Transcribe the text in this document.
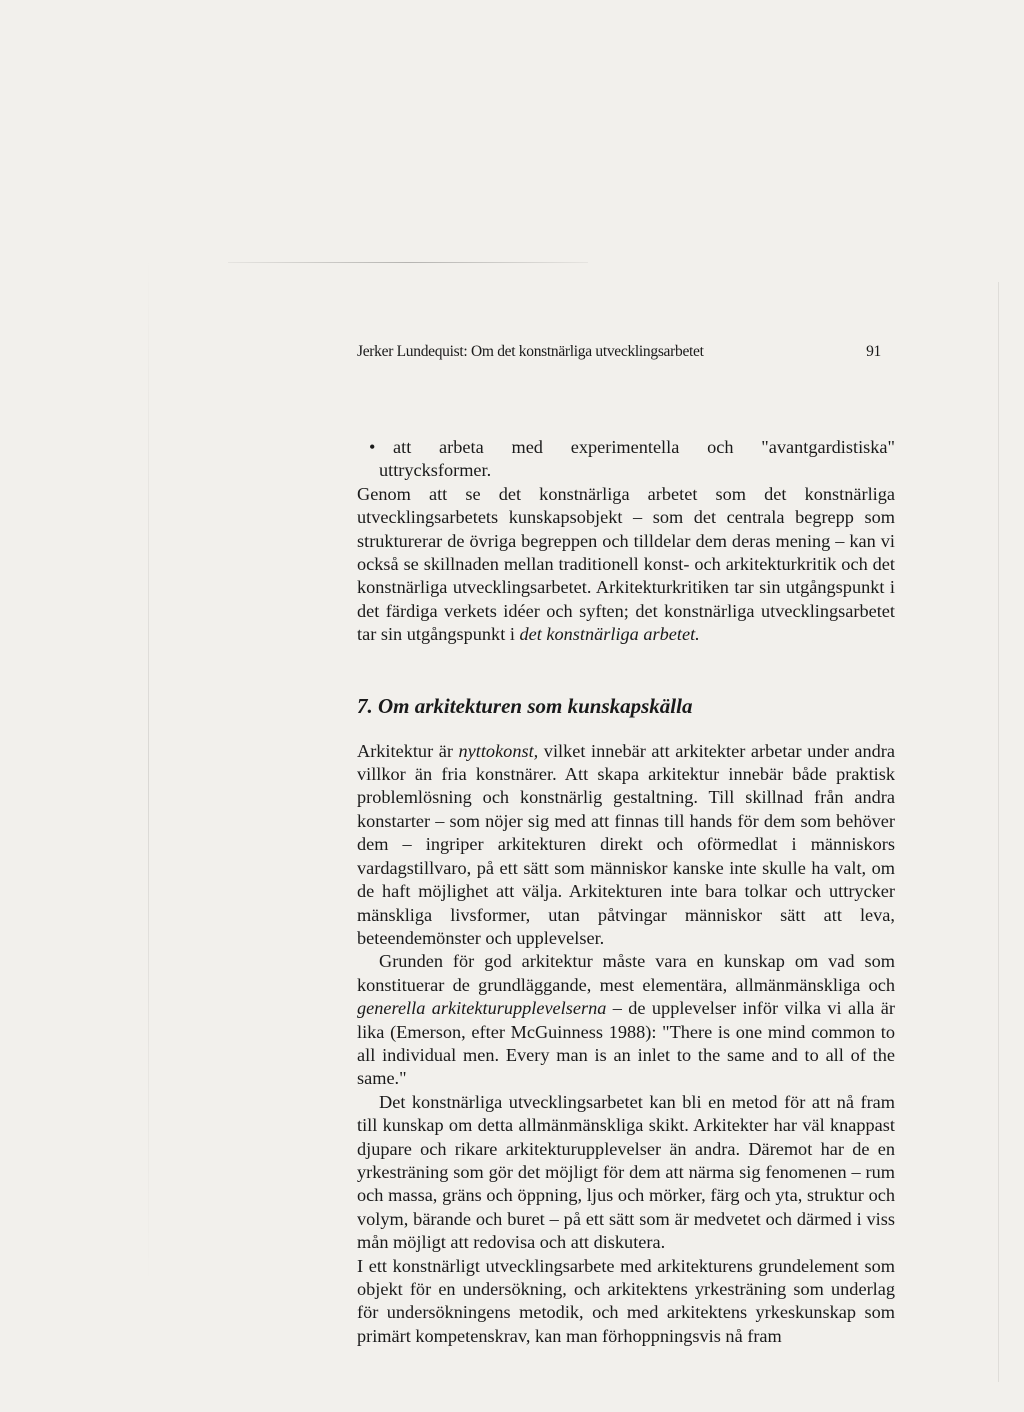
Jerker Lundequist: Om det konstnärliga utvecklingsarbetet	91
• att arbeta med experimentella och "avantgardistiska" uttrycksformer.

Genom att se det konstnärliga arbetet som det konstnärliga utvecklingsarbetets kunskapsobjekt – som det centrala begrepp som strukturerar de övriga begreppen och tilldelar dem deras mening – kan vi också se skillnaden mellan traditionell konst- och arkitekturkritik och det konstnärliga utvecklingsarbetet. Arkitekturkritiken tar sin utgångspunkt i det färdiga verkets idéer och syften; det konstnärliga utvecklingsarbetet tar sin utgångspunkt i det konstnärliga arbetet.

7. Om arkitekturen som kunskapskälla

Arkitektur är nyttokonst, vilket innebär att arkitekter arbetar under andra villkor än fria konstnärer. Att skapa arkitektur innebär både praktisk problemlösning och konstnärlig gestaltning. Till skillnad från andra konstarter – som nöjer sig med att finnas till hands för dem som behöver dem – ingriper arkitekturen direkt och oförmedlat i människors vardagstillvaro, på ett sätt som människor kanske inte skulle ha valt, om de haft möjlighet att välja. Arkitekturen inte bara tolkar och uttrycker mänskliga livsformer, utan påtvingar människor sätt att leva, beteendemönster och upplevelser.

Grunden för god arkitektur måste vara en kunskap om vad som konstituerar de grundläggande, mest elementära, allmänmänskliga och generella arkitekturupplevelserna – de upplevelser inför vilka vi alla är lika (Emerson, efter McGuinness 1988): "There is one mind common to all individual men. Every man is an inlet to the same and to all of the same."

Det konstnärliga utvecklingsarbetet kan bli en metod för att nå fram till kunskap om detta allmänmänskliga skikt. Arkitekter har väl knappast djupare och rikare arkitekturupplevelser än andra. Däremot har de en yrkesträning som gör det möjligt för dem att närma sig fenomenen – rum och massa, gräns och öppning, ljus och mörker, färg och yta, struktur och volym, bärande och buret – på ett sätt som är medvetet och därmed i viss mån möjligt att redovisa och att diskutera.

I ett konstnärligt utvecklingsarbete med arkitekturens grundelement som objekt för en undersökning, och arkitektens yrkesträning som underlag för undersökningens metodik, och med arkitektens yrkeskunskap som primärt kompetenskrav, kan man förhoppningsvis nå fram
